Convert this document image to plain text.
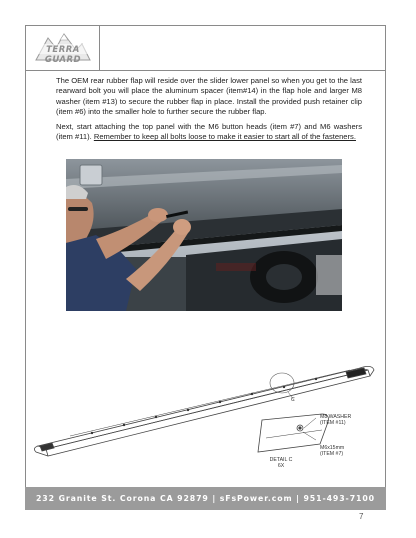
TERRA
GUARD
The OEM rear rubber flap will reside over the slider lower panel so when you get to the last rearward bolt you will place the aluminum spacer (item#14) in the flap hole and larger M8 washer (item #13) to secure the rubber flap in place. Install the provided push retainer clip (item #6) into the smaller hole to further secure the rubber flap.
Next, start attaching the top panel with the M6 button heads (item #7) and M6 washers (item #11). Remember to keep all bolts loose to make it easier to start all of the fasteners.
C
M8 WASHER
(ITEM #11)
M6x15mm
(ITEM #7)
DETAIL C
6X
232 Granite St. Corona CA 92879 | sFsPower.com | 951-493-7100
7
